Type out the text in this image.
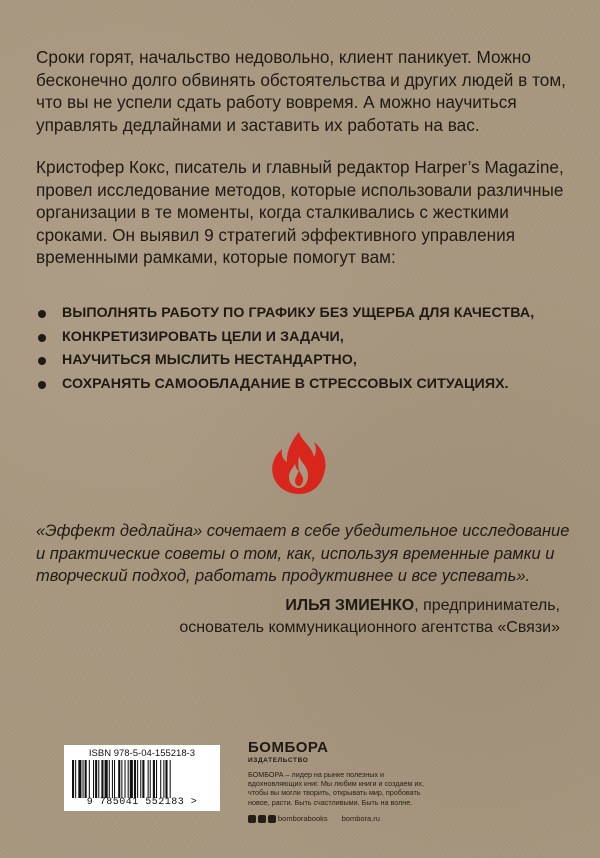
Сроки горят, начальство недовольно, клиент паникует. Можно бесконечно долго обвинять обстоятельства и других людей в том, что вы не успели сдать работу вовремя. А можно научиться управлять дедлайнами и заставить их работать на вас.

Кристофер Кокс, писатель и главный редактор Harper’s Magazine, провел исследование методов, которые использовали различные организации в те моменты, когда сталкивались с жесткими сроками. Он выявил 9 стратегий эффективного управления временными рамками, которые помогут вам:

ВЫПОЛНЯТЬ РАБОТУ ПО ГРАФИКУ БЕЗ УЩЕРБА ДЛЯ КАЧЕСТВА,
КОНКРЕТИЗИРОВАТЬ ЦЕЛИ И ЗАДАЧИ,
НАУЧИТЬСЯ МЫСЛИТЬ НЕСТАНДАРТНО,
СОХРАНЯТЬ САМООБЛАДАНИЕ В СТРЕССОВЫХ СИТУАЦИЯХ.
«Эффект дедлайна» сочетает в себе убедительное исследование и практические советы о том, как, используя временные рамки и творческий подход, работать продуктивнее и все успевать».
ИЛЬЯ ЗМИЕНКО, предприниматель,
основатель коммуникационного агентства «Связи»
ISBN 978-5-04-155218-3
9 785041 552183 >
БОМБОРА
ИЗДАТЕЛЬСТВО
БОМБОРА – лидер на рынке полезных и вдохновляющих книг. Мы любим книги и создаем их, чтобы вы могли творить, открывать мир, пробовать новое, расти. Быть счастливыми. Быть на волне.
bomborabooks bombora.ru
